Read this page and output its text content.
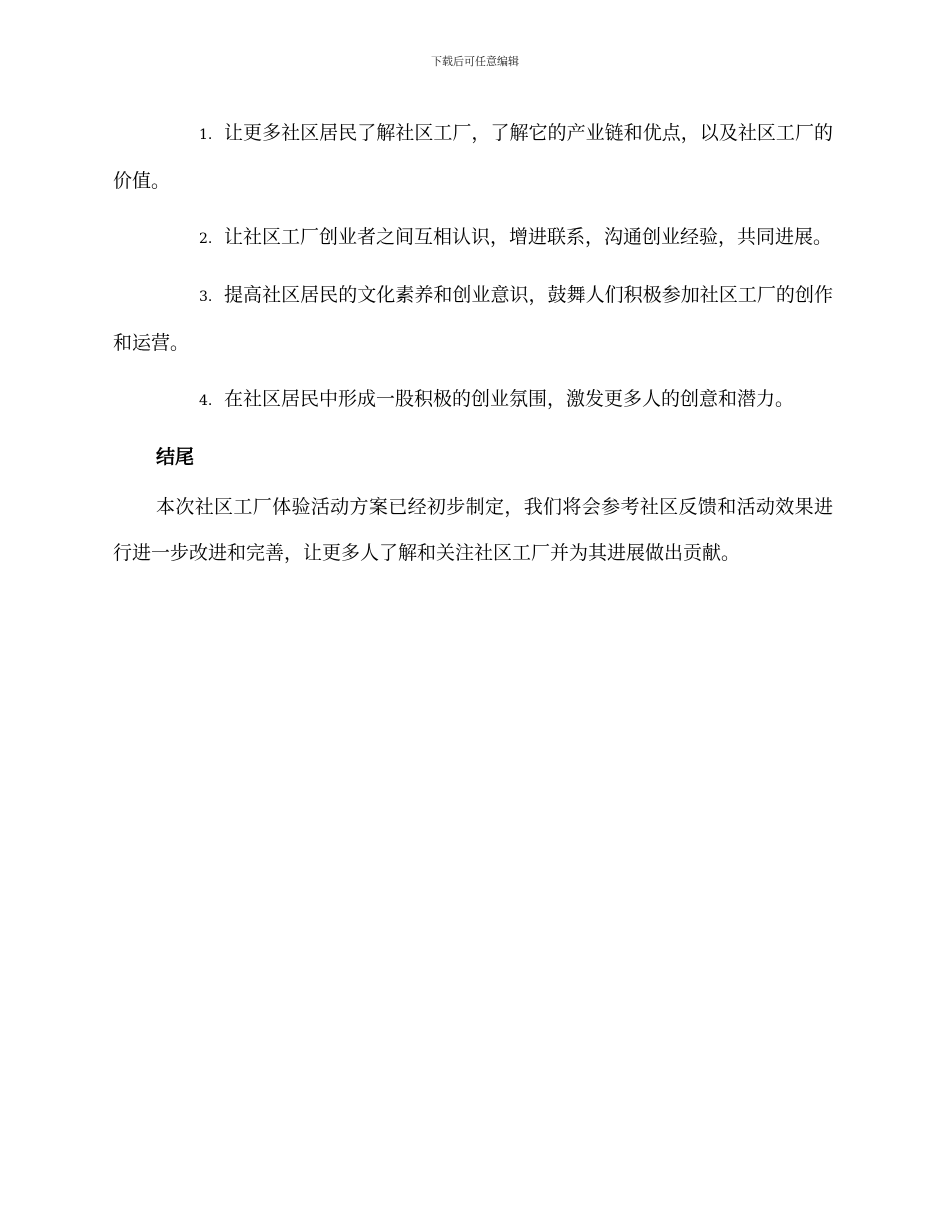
下载后可任意编辑

1. 让更多社区居民了解社区工厂，了解它的产业链和优点，以及社区工厂的价值。

2. 让社区工厂创业者之间互相认识，增进联系，沟通创业经验，共同进展。

3. 提高社区居民的文化素养和创业意识，鼓舞人们积极参加社区工厂的创作和运营。

4. 在社区居民中形成一股积极的创业氛围，激发更多人的创意和潜力。

结尾

本次社区工厂体验活动方案已经初步制定，我们将会参考社区反馈和活动效果进行进一步改进和完善，让更多人了解和关注社区工厂并为其进展做出贡献。
